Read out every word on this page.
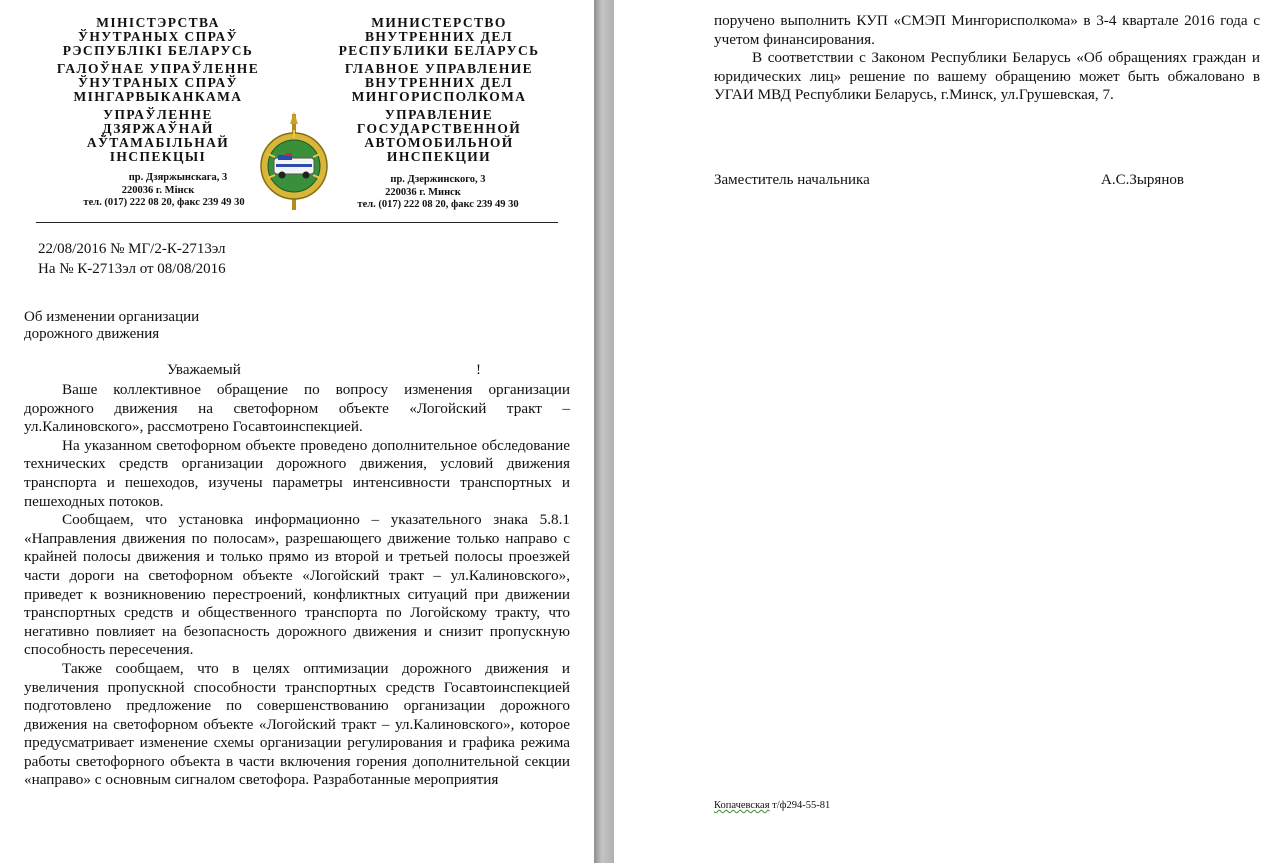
МІНІСТЭРСТВА
ЎНУТРАНЫХ СПРАЎ
РЭСПУБЛІКІ БЕЛАРУСЬ
ГАЛОЎНАЕ УПРАЎЛЕННЕ
ЎНУТРАНЫХ СПРАЎ
МІНГАРВЫКАНКАМА
УПРАЎЛЕННЕ
ДЗЯРЖАЎНАЙ
АЎТАМАБІЛЬНАЙ
ІНСПЕКЦЫІ
пр. Дзяржынскага, 3
220036 г. Мінск
тел. (017) 222 08 20, факс 239 49 30
МИНИСТЕРСТВО
ВНУТРЕННИХ ДЕЛ
РЕСПУБЛИКИ БЕЛАРУСЬ
ГЛАВНОЕ УПРАВЛЕНИЕ
ВНУТРЕННИХ ДЕЛ
МИНГОРИСПОЛКОМА
УПРАВЛЕНИЕ
ГОСУДАРСТВЕННОЙ
АВТОМОБИЛЬНОЙ
ИНСПЕКЦИИ
пр. Дзержинского, 3
220036 г. Минск
тел. (017) 222 08 20, факс 239 49 30
22/08/2016 № МГ/2-К-2713эл
На № К-2713эл от 08/08/2016
Об изменении организации
дорожного движения
Уважаемый	!

Ваше коллективное обращение по вопросу изменения организации дорожного движения на светофорном объекте «Логойский тракт – ул.Калиновского», рассмотрено Госавтоинспекцией.

На указанном светофорном объекте проведено дополнительное обследование технических средств организации дорожного движения, условий движения транспорта и пешеходов, изучены параметры интенсивности транспортных и пешеходных потоков.

Сообщаем, что установка информационно – указательного знака 5.8.1 «Направления движения по полосам», разрешающего движение только направо с крайней полосы движения и только прямо из второй и третьей полосы проезжей части дороги на светофорном объекте «Логойский тракт – ул.Калиновского», приведет к возникновению перестроений, конфликтных ситуаций при движении транспортных средств и общественного транспорта по Логойскому тракту, что негативно повлияет на безопасность дорожного движения и снизит пропускную способность пересечения.

Также сообщаем, что в целях оптимизации дорожного движения и увеличения пропускной способности транспортных средств Госавтоинспекцией подготовлено предложение по совершенствованию организации дорожного движения на светофорном объекте «Логойский тракт – ул.Калиновского», которое предусматривает изменение схемы организации регулирования и графика режима работы светофорного объекта в части включения горения дополнительной секции «направо» с основным сигналом светофора. Разработанные мероприятия

поручено выполнить КУП «СМЭП Мингорисполкома» в 3-4 квартале 2016 года с учетом финансирования.

В соответствии с Законом Республики Беларусь «Об обращениях граждан и юридических лиц» решение по вашему обращению может быть обжаловано в УГАИ МВД Республики Беларусь, г.Минск, ул.Грушевская, 7.

Заместитель начальника	А.С.Зырянов
Копачевская т/ф294-55-81
